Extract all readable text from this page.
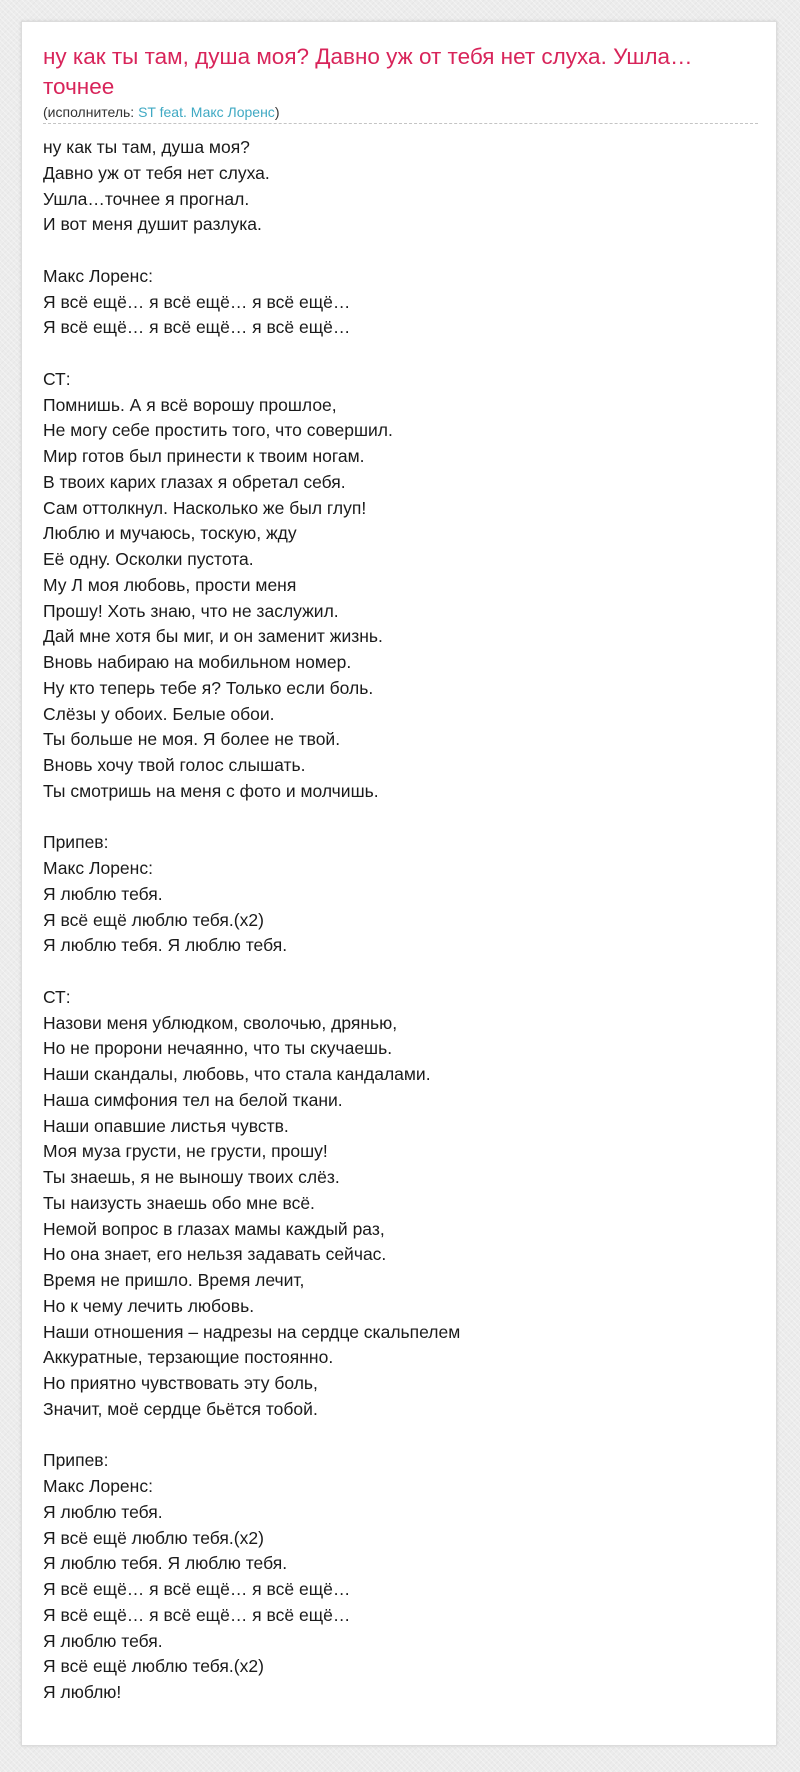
ну как ты там, душа моя? Давно уж от тебя нет слуха. Ушла… точнее
(исполнитель: ST feat. Макс Лоренс)
ну как ты там, душа моя?
Давно уж от тебя нет слуха.
Ушла…точнее я прогнал.
И вот меня душит разлука.

Макс Лоренс:
Я всё ещё… я всё ещё… я всё ещё…
Я всё ещё… я всё ещё… я всё ещё…

СТ:
Помнишь. А я всё ворошу прошлое,
Не могу себе простить того, что совершил.
Мир готов был принести к твоим ногам.
В твоих карих глазах я обретал себя.
Сам оттолкнул. Насколько же был глуп!
Люблю и мучаюсь, тоскую, жду
Её одну. Осколки пустота.
Му Л моя любовь, прости меня
Прошу! Хоть знаю, что не заслужил.
Дай мне хотя бы миг, и он заменит жизнь.
Вновь набираю на мобильном номер.
Ну кто теперь тебе я? Только если боль.
Слёзы у обоих. Белые обои.
Ты больше не моя. Я более не твой.
Вновь хочу твой голос слышать.
Ты смотришь на меня с фото и молчишь.

Припев:
Макс Лоренс:
Я люблю тебя.
Я всё ещё люблю тебя.(x2)
Я люблю тебя. Я люблю тебя.

СТ:
Назови меня ублюдком, сволочью, дрянью,
Но не пророни нечаянно, что ты скучаешь.
Наши скандалы, любовь, что стала кандалами.
Наша симфония тел на белой ткани.
Наши опавшие листья чувств.
Моя муза грусти, не грусти, прошу!
Ты знаешь, я не выношу твоих слёз.
Ты наизусть знаешь обо мне всё.
Немой вопрос в глазах мамы каждый раз,
Но она знает, его нельзя задавать сейчас.
Время не пришло. Время лечит,
Но к чему лечить любовь.
Наши отношения – надрезы на сердце скальпелем
Аккуратные, терзающие постоянно.
Но приятно чувствовать эту боль,
Значит, моё сердце бьётся тобой.

Припев:
Макс Лоренс:
Я люблю тебя.
Я всё ещё люблю тебя.(x2)
Я люблю тебя. Я люблю тебя.
Я всё ещё… я всё ещё… я всё ещё…
Я всё ещё… я всё ещё… я всё ещё…
Я люблю тебя.
Я всё ещё люблю тебя.(x2)
Я люблю!
